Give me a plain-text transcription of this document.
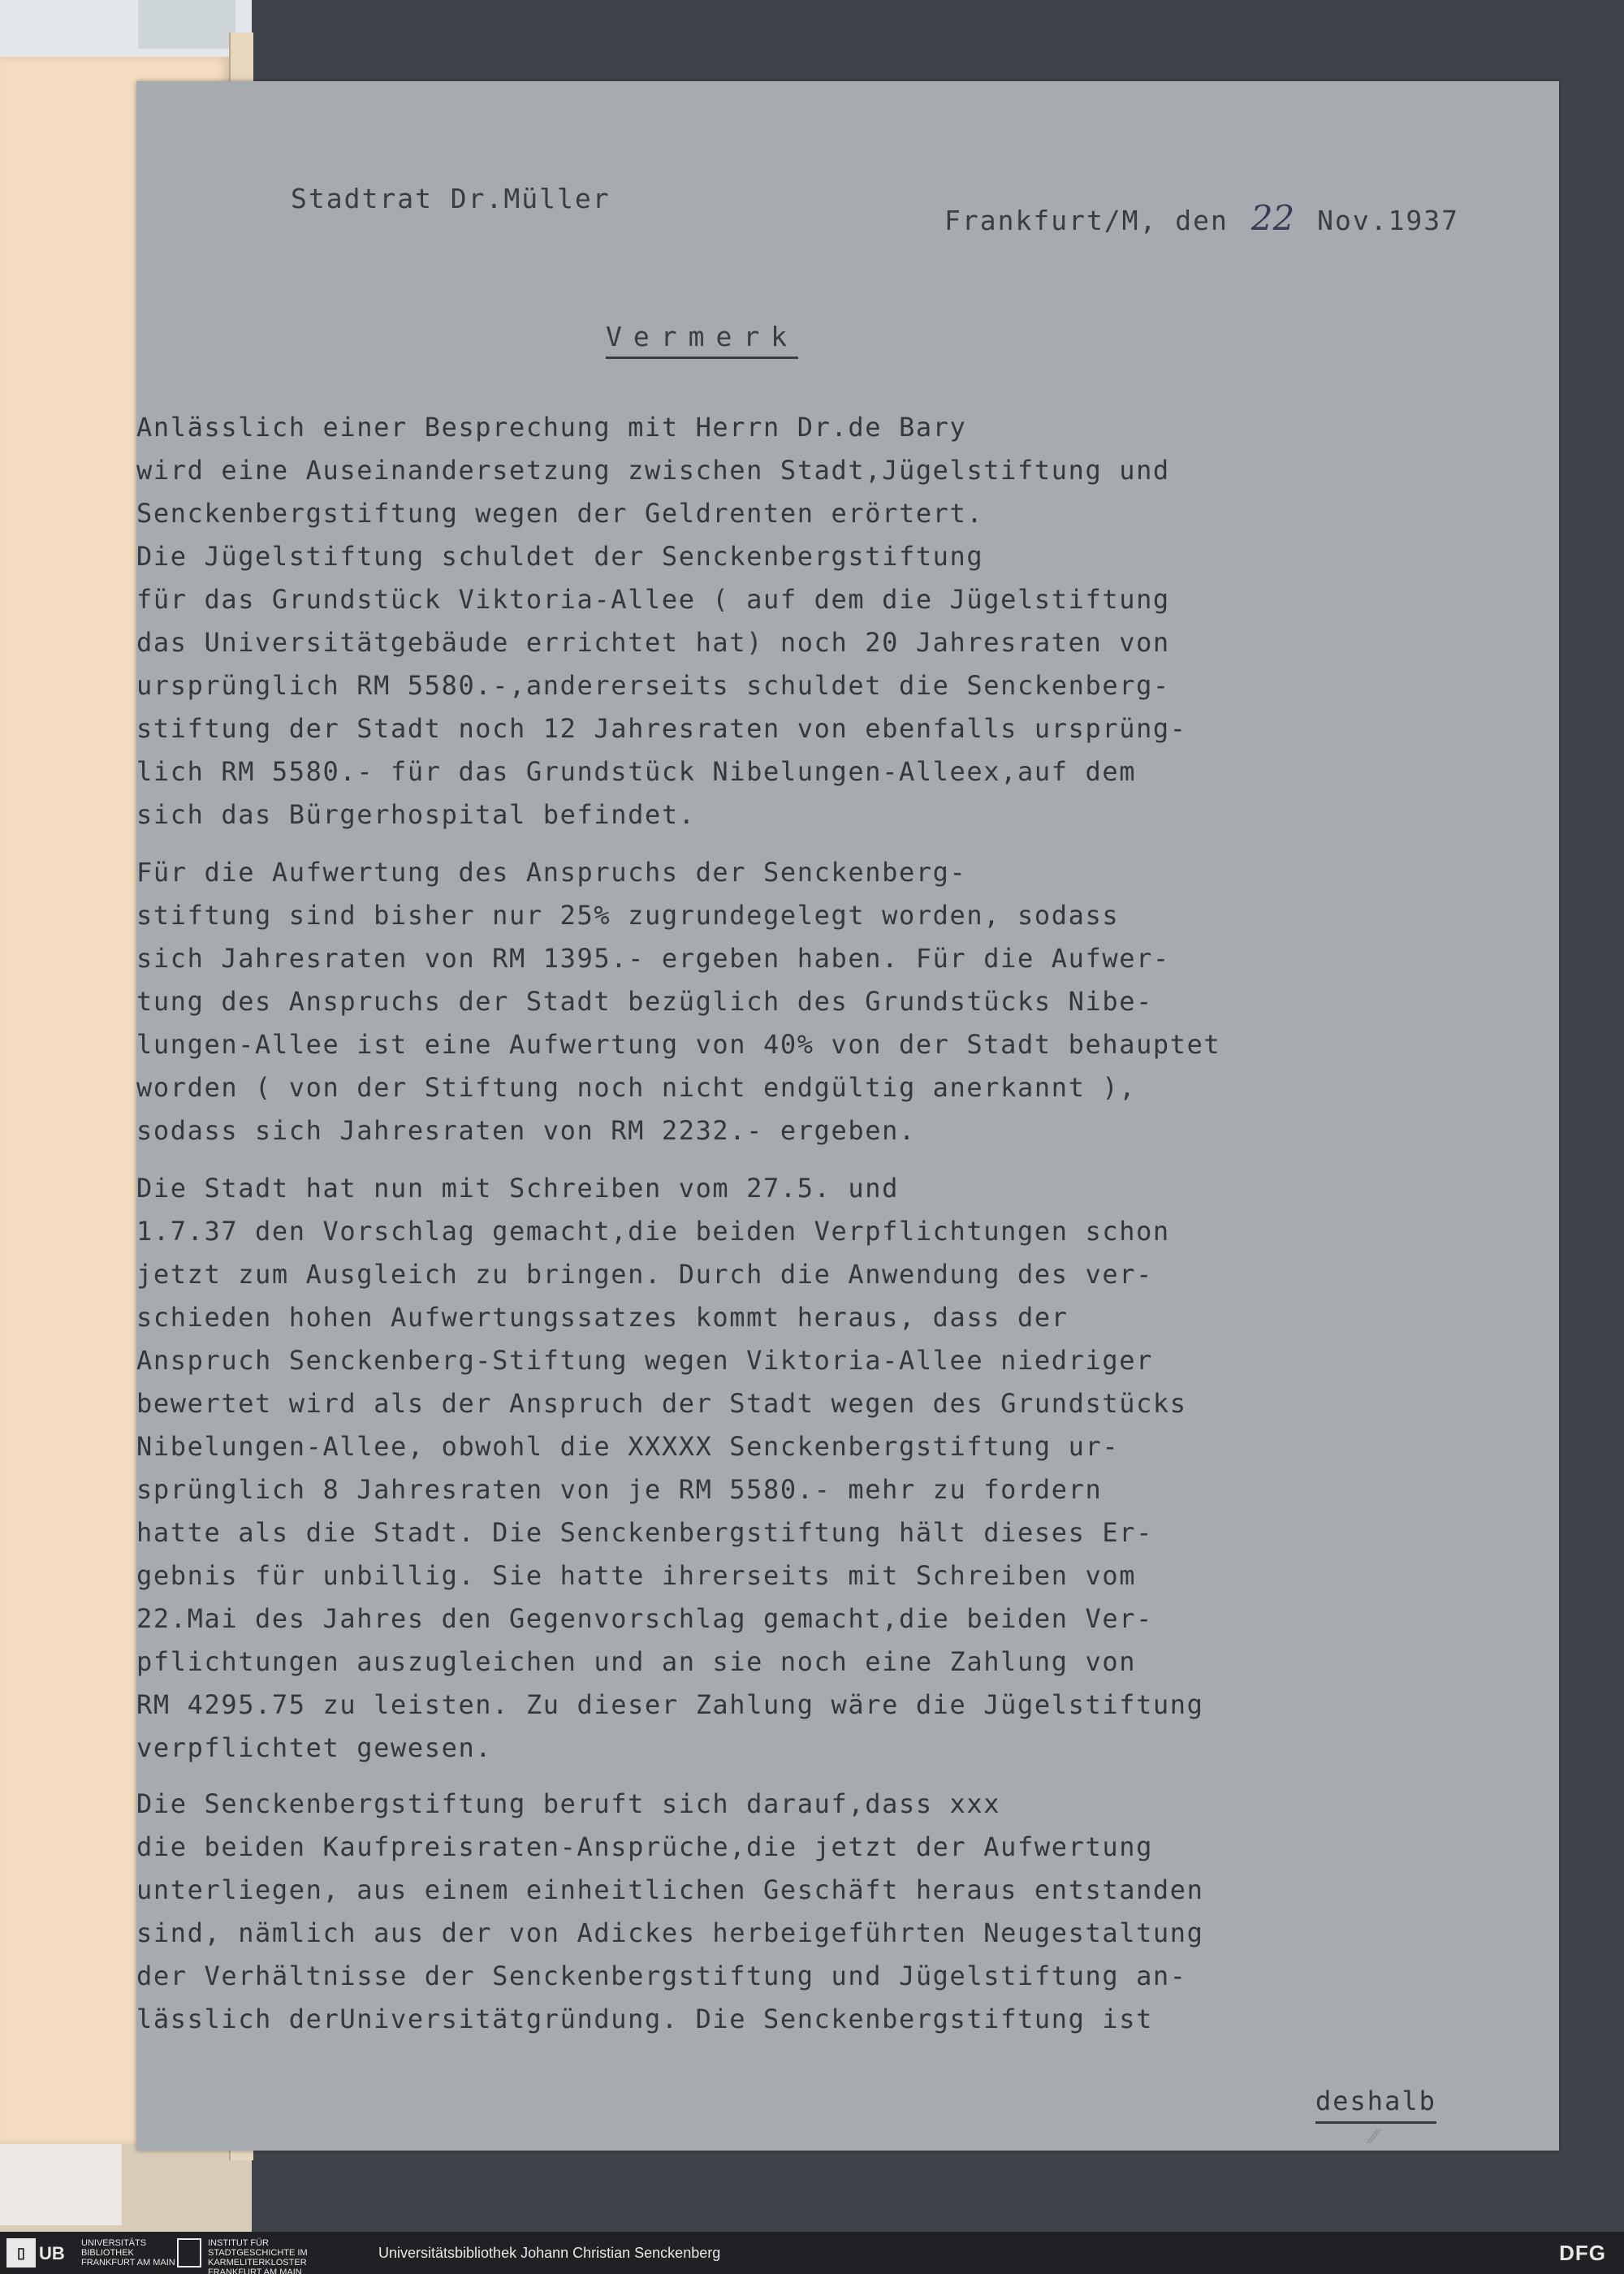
Stadtrat Dr.Müller
Frankfurt/M, den 22 Nov.1937
Vermerk
Anlässlich einer Besprechung mit Herrn Dr.de Bary
wird eine Auseinandersetzung zwischen Stadt,Jügelstiftung und
Senckenbergstiftung wegen der Geldrenten erörtert.
Die Jügelstiftung schuldet der Senckenbergstiftung
für das Grundstück Viktoria-Allee ( auf dem die Jügelstiftung
das Universitätgebäude errichtet hat) noch 20 Jahresraten von
ursprünglich RM 5580.-,andererseits schuldet die Senckenberg-
stiftung der Stadt noch 12 Jahresraten von ebenfalls ursprüng-
lich RM 5580.- für das Grundstück Nibelungen-Alleex,auf dem
sich das Bürgerhospital befindet.
Für die Aufwertung des Anspruchs der Senckenberg-
stiftung sind bisher nur 25% zugrundegelegt worden, sodass
sich Jahresraten von RM 1395.- ergeben haben. Für die Aufwer-
tung des Anspruchs der Stadt bezüglich des Grundstücks Nibe-
lungen-Allee ist eine Aufwertung von 40% von der Stadt behauptet
worden ( von der Stiftung noch nicht endgültig anerkannt ),
sodass sich Jahresraten von RM 2232.- ergeben.
Die Stadt hat nun mit Schreiben vom 27.5. und
1.7.37 den Vorschlag gemacht,die beiden Verpflichtungen schon
jetzt zum Ausgleich zu bringen. Durch die Anwendung des ver-
schieden hohen Aufwertungssatzes kommt heraus, dass der
Anspruch Senckenberg-Stiftung wegen Viktoria-Allee niedriger
bewertet wird als der Anspruch der Stadt wegen des Grundstücks
Nibelungen-Allee, obwohl die XXXXX Senckenbergstiftung ur-
sprünglich 8 Jahresraten von je RM 5580.- mehr zu fordern
hatte als die Stadt. Die Senckenbergstiftung hält dieses Er-
gebnis für unbillig. Sie hatte ihrerseits mit Schreiben vom
22.Mai des Jahres den Gegenvorschlag gemacht,die beiden Ver-
pflichtungen auszugleichen und an sie noch eine Zahlung von
RM 4295.75 zu leisten. Zu dieser Zahlung wäre die Jügelstiftung
verpflichtet gewesen.
Die Senckenbergstiftung beruft sich darauf,dass xxx
die beiden Kaufpreisraten-Ansprüche,die jetzt der Aufwertung
unterliegen, aus einem einheitlichen Geschäft heraus entstanden
sind, nämlich aus der von Adickes herbeigeführten Neugestaltung
der Verhältnisse der Senckenbergstiftung und Jügelstiftung an-
lässlich derUniversitätgründung. Die Senckenbergstiftung ist
deshalb
⁄⁄
▯ UB UNIVERSITÄTS BIBLIOTHEK FRANKFURT AM MAIN
INSTITUT FÜR STADTGESCHICHTE IM KARMELITERKLOSTER FRANKFURT AM MAIN
Universitätsbibliothek Johann Christian Senckenberg	DFG
